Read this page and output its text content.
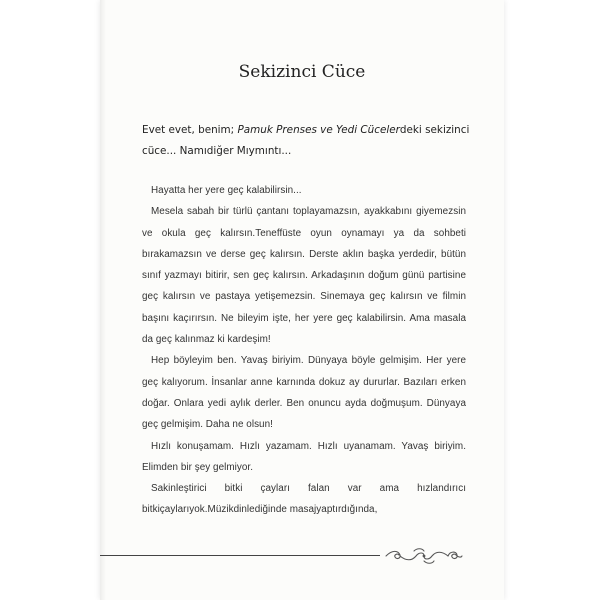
Sekizinci Cüce

Evet evet, benim; Pamuk Prenses ve Yedi Cücelerdeki sekizinci cüce... Namıdiğer Mıymıntı...

Hayatta her yere geç kalabilirsin...

Mesela sabah bir türlü çantanı toplayamazsın, ayakkabını giyemezsin ve okula geç kalırsın.Teneffüste oyun oynamayı ya da sohbeti bırakamazsın ve derse geç kalırsın. Derste aklın başka yerdedir, bütün sınıf yazmayı bitirir, sen geç kalırsın. Arkadaşının doğum günü partisine geç kalırsın ve pastaya yetişemezsin. Sinemaya geç kalırsın ve filmin başını kaçırırsın. Ne bileyim işte, her yere geç kalabilirsin. Ama masala da geç kalınmaz ki kardeşim!

Hep böyleyim ben. Yavaş biriyim. Dünyaya böyle gelmişim. Her yere geç kalıyorum. İnsanlar anne karnında dokuz ay dururlar. Bazıları erken doğar. Onlara yedi aylık derler. Ben onuncu ayda doğmuşum. Dünyaya geç gelmişim. Daha ne olsun!

Hızlı konuşamam. Hızlı yazamam. Hızlı uyanamam. Yavaş biriyim. Elimden bir şey gelmiyor.

Sakinleştirici bitki çayları falan var ama hızlandırıcı bitkiçaylarıyok.Müzikdinlediğinde masajyaptırdığında,
